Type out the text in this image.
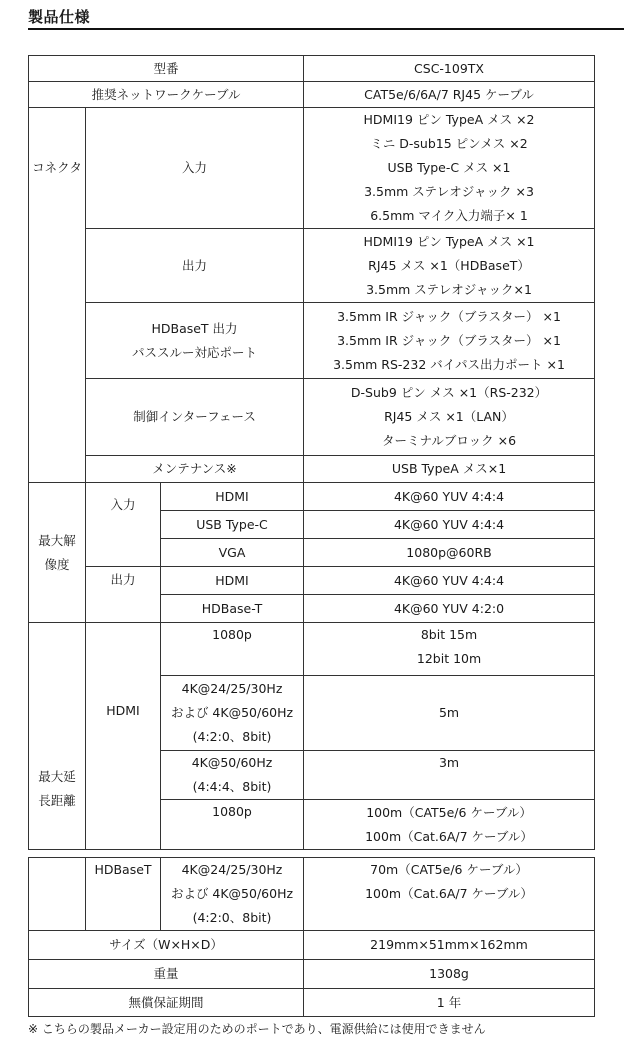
製品仕様
型番			CSC-109TX
推奨ネットワークケーブル			CAT5e/6/6A/7 RJ45 ケーブル
コネクタ	入力		HDMI19 ピン TypeA メス ×2
ミニ D-sub15 ピンメス ×2
USB Type-C メス ×1
3.5mm ステレオジャック ×3
6.5mm マイク入力端子× 1

	出力		HDMI19 ピン TypeA メス ×1
RJ45 メス ×1（HDBaseT）
3.5mm ステレオジャック×1

	HDBaseT 出力
パススルー対応ポート		3.5mm IR ジャック（ブラスター） ×1
3.5mm IR ジャック（ブラスター） ×1
3.5mm RS-232 バイパス出力ポート ×1

	制御インターフェース		D-Sub9 ピン メス ×1（RS-232）
RJ45 メス ×1（LAN）
ターミナルブロック ×6

	メンテナンス※		USB TypeA メス×1

最大解
像度	入力	HDMI	4K@60 YUV 4:4:4
		USB Type-C	4K@60 YUV 4:4:4
		VGA	1080p@60RB
	出力	HDMI	4K@60 YUV 4:4:4
		HDBase-T	4K@60 YUV 4:2:0

最大延
長距離	HDMI	1080p	8bit 15m
12bit 10m

		4K@24/25/30Hz
および 4K@50/60Hz
(4:2:0、8bit)	5m

		4K@50/60Hz
(4:4:4、8bit)	3m

		1080p	100m（CAT5e/6 ケーブル）
100m（Cat.6A/7 ケーブル）
	HDBaseT	4K@24/25/30Hz
および 4K@50/60Hz
(4:2:0、8bit)	70m（CAT5e/6 ケーブル）
100m（Cat.6A/7 ケーブル）

サイズ（W×H×D）			219mm×51mm×162mm
重量			1308g
無償保証期間			1 年
※ こちらの製品メーカー設定用のためのポートであり、電源供給には使用できません
